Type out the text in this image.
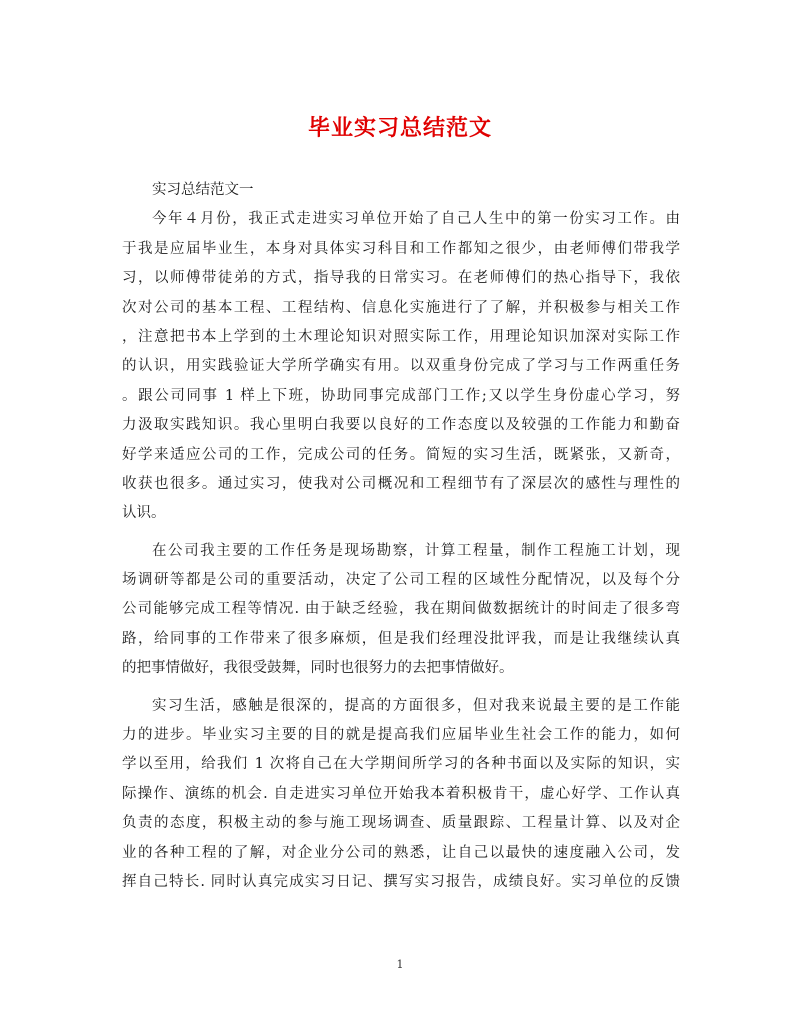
毕业实习总结范文
实习总结范文一
今年４月份，我正式走进实习单位开始了自己人生中的第一份实习工作。由
于我是应届毕业生，本身对具体实习科目和工作都知之很少，由老师傅们带我学
习，以师傅带徒弟的方式，指导我的日常实习。在老师傅们的热心指导下，我依
次对公司的基本工程、工程结构、信息化实施进行了了解，并积极参与相关工作
，注意把书本上学到的土木理论知识对照实际工作，用理论知识加深对实际工作
的认识，用实践验证大学所学确实有用。以双重身份完成了学习与工作两重任务
。跟公司同事 1 样上下班，协助同事完成部门工作;又以学生身份虚心学习，努
力汲取实践知识。我心里明白我要以良好的工作态度以及较强的工作能力和勤奋
好学来适应公司的工作，完成公司的任务。简短的实习生活，既紧张，又新奇，
收获也很多。通过实习，使我对公司概况和工程细节有了深层次的感性与理性的
认识。
在公司我主要的工作任务是现场勘察，计算工程量，制作工程施工计划，现
场调研等都是公司的重要活动，决定了公司工程的区域性分配情况，以及每个分
公司能够完成工程等情况. 由于缺乏经验，我在期间做数据统计的时间走了很多弯
路，给同事的工作带来了很多麻烦，但是我们经理没批评我，而是让我继续认真
的把事情做好，我很受鼓舞，同时也很努力的去把事情做好。
实习生活，感触是很深的，提高的方面很多，但对我来说最主要的是工作能
力的进步。毕业实习主要的目的就是提高我们应届毕业生社会工作的能力，如何
学以至用，给我们 1 次将自己在大学期间所学习的各种书面以及实际的知识，实
际操作、演练的机会. 自走进实习单位开始我本着积极肯干，虚心好学、工作认真
负责的态度，积极主动的参与施工现场调查、质量跟踪、工程量计算、以及对企
业的各种工程的了解，对企业分公司的熟悉，让自己以最快的速度融入公司，发
挥自己特长. 同时认真完成实习日记、撰写实习报告，成绩良好。实习单位的反馈
1
